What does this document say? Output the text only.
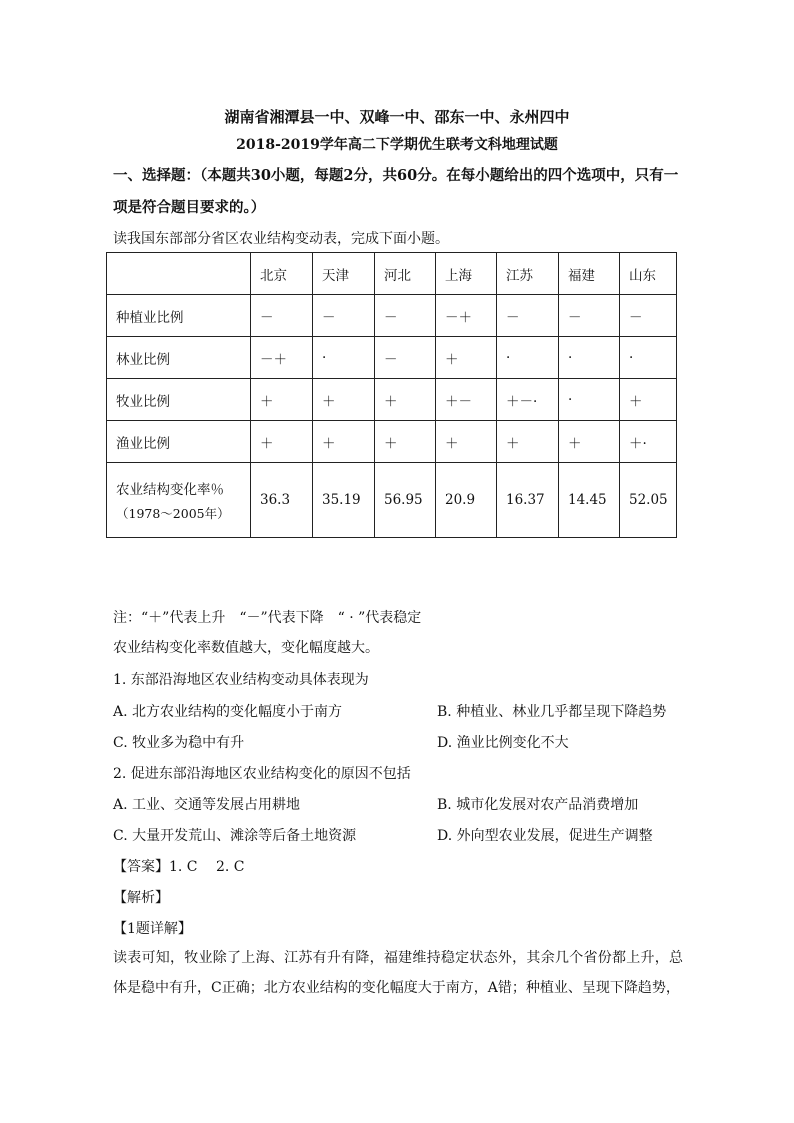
湖南省湘潭县一中、双峰一中、邵东一中、永州四中
2018-2019学年高二下学期优生联考文科地理试题
一、选择题：（本题共30小题，每题2分，共60分。在每小题给出的四个选项中，只有一项是符合题目要求的。）
读我国东部部分省区农业结构变动表，完成下面小题。
	北京	天津	河北	上海	江苏	福建	山东
种植业比例	－	－	－	－＋	－	－	－
林业比例	－＋	·	－	＋	·	·	·
牧业比例	＋	＋	＋	＋－	＋－·	·	＋
渔业比例	＋	＋	＋	＋	＋	＋	＋·
农业结构变化率％
（1978～2005年）	36.3	35.19	56.95	20.9	16.37	14.45	52.05
注：“＋”代表上升　“－”代表下降　“ · ”代表稳定
农业结构变化率数值越大，变化幅度越大。
1. 东部沿海地区农业结构变动具体表现为
A. 北方农业结构的变化幅度小于南方	B. 种植业、林业几乎都呈现下降趋势
C. 牧业多为稳中有升	D. 渔业比例变化不大
2. 促进东部沿海地区农业结构变化的原因不包括
A. 工业、交通等发展占用耕地	B. 城市化发展对农产品消费增加
C. 大量开发荒山、滩涂等后备土地资源	D. 外向型农业发展，促进生产调整
【答案】1. C　 2. C
【解析】
【1题详解】
读表可知，牧业除了上海、江苏有升有降，福建维持稳定状态外，其余几个省份都上升，总体是稳中有升，C正确；北方农业结构的变化幅度大于南方，A错；种植业、呈现下降趋势，
